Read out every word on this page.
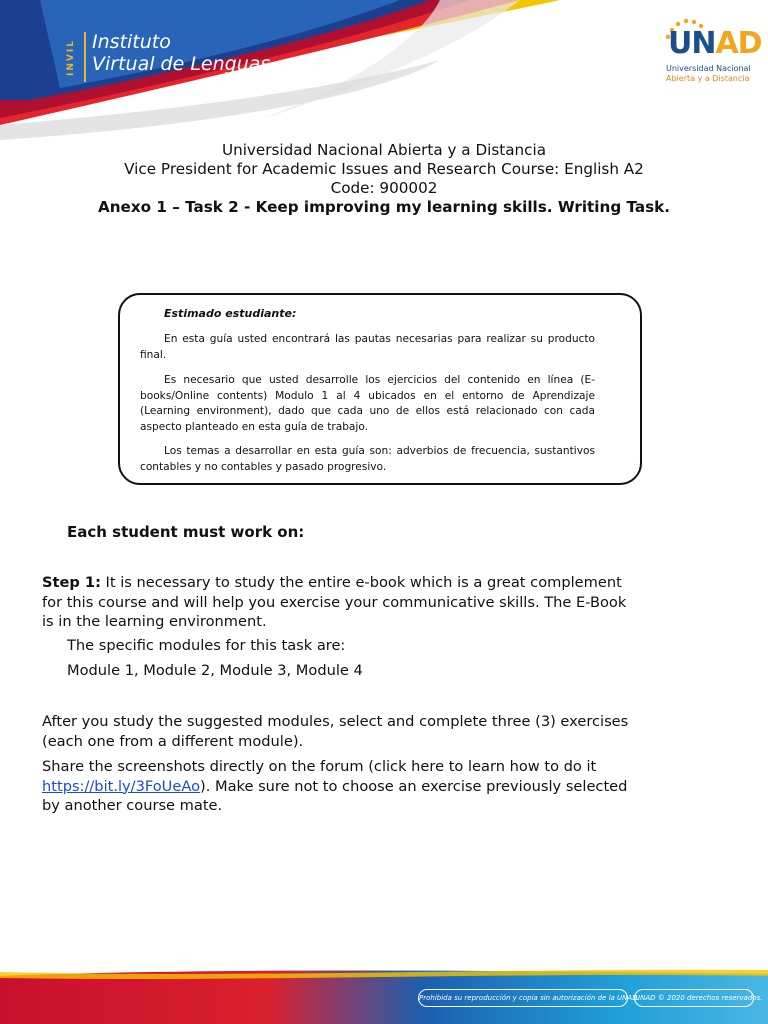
INVIL Instituto
Virtual de Lenguas
UNAD
Universidad Nacional
Abierta y a Distancia
Universidad Nacional Abierta y a Distancia
Vice President for Academic Issues and Research Course: English A2
Code: 900002
Anexo 1 – Task 2 - Keep improving my learning skills. Writing Task.
Estimado estudiante:

En esta guía usted encontrará las pautas necesarias para realizar su producto final.

Es necesario que usted desarrolle los ejercicios del contenido en línea (E-books/Online contents) Modulo 1 al 4 ubicados en el entorno de Aprendizaje (Learning environment), dado que cada uno de ellos está relacionado con cada aspecto planteado en esta guía de trabajo.

Los temas a desarrollar en esta guía son: adverbios de frecuencia, sustantivos contables y no contables y pasado progresivo.

Each student must work on:

Step 1: It is necessary to study the entire e-book which is a great complement for this course and will help you exercise your communicative skills. The E-Book is in the learning environment.

The specific modules for this task are:
Module 1, Module 2, Module 3, Module 4

After you study the suggested modules, select and complete three (3) exercises (each one from a different module).

Share the screenshots directly on the forum (click here to learn how to do it https://bit.ly/3FoUeAo). Make sure not to choose an exercise previously selected by another course mate.

Prohibida su reproducción y copia sin autorización de la UNAD.
UNAD © 2020 derechos reservados.
